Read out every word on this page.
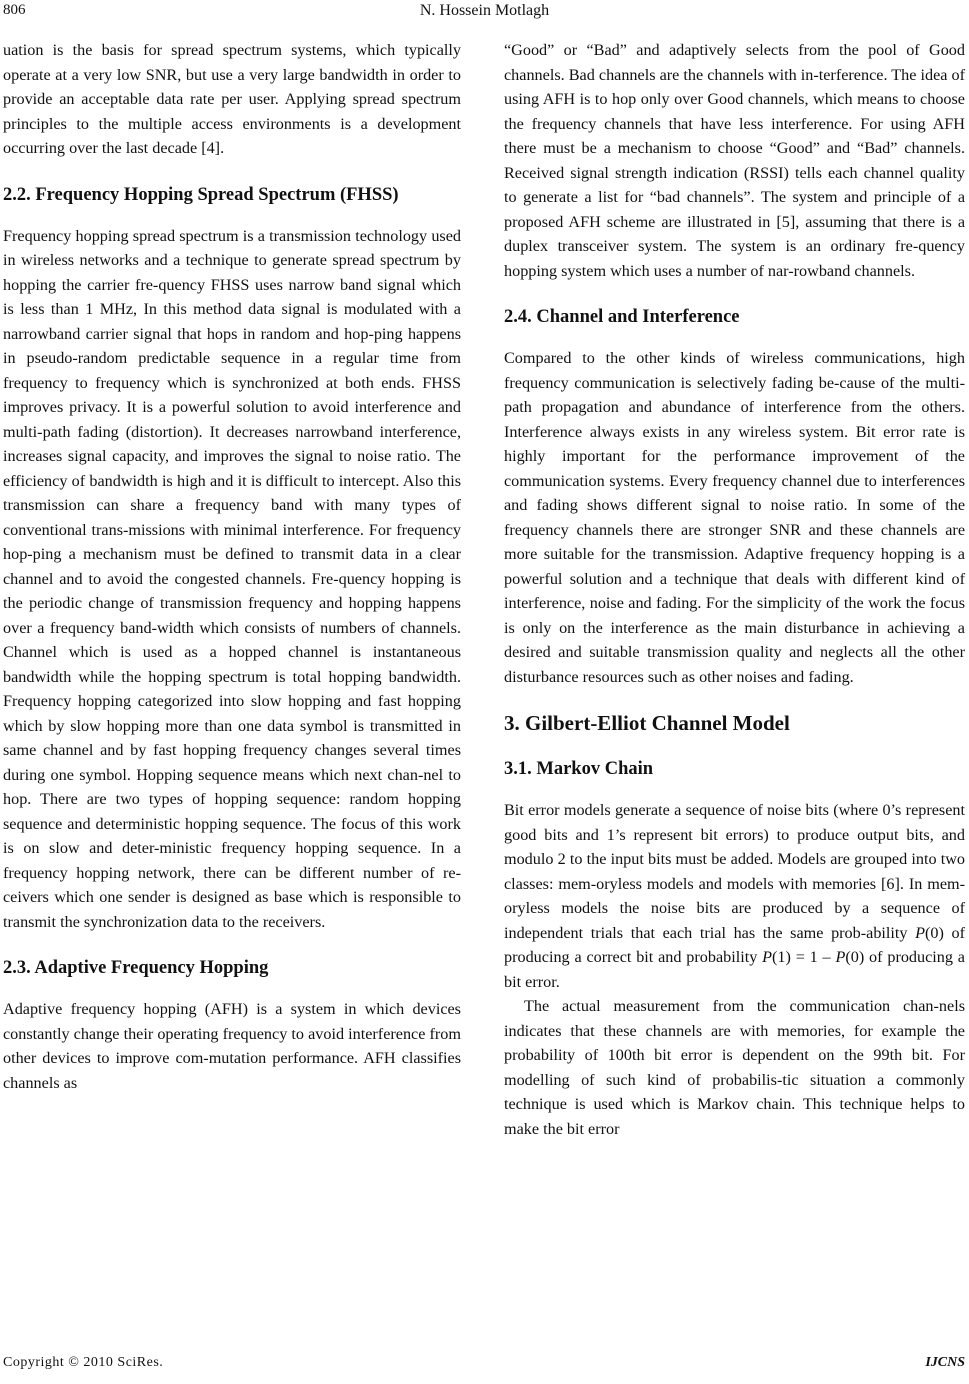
806	N. Hossein Motlagh

uation is the basis for spread spectrum systems, which typically operate at a very low SNR, but use a very large bandwidth in order to provide an acceptable data rate per user. Applying spread spectrum principles to the multiple access environments is a development occurring over the last decade [4].

2.2. Frequency Hopping Spread Spectrum (FHSS)

Frequency hopping spread spectrum is a transmission technology used in wireless networks and a technique to generate spread spectrum by hopping the carrier fre-quency FHSS uses narrow band signal which is less than 1 MHz, In this method data signal is modulated with a narrowband carrier signal that hops in random and hop-ping happens in pseudo-random predictable sequence in a regular time from frequency to frequency which is synchronized at both ends. FHSS improves privacy. It is a powerful solution to avoid interference and multi-path fading (distortion). It decreases narrowband interference, increases signal capacity, and improves the signal to noise ratio. The efficiency of bandwidth is high and it is difficult to intercept. Also this transmission can share a frequency band with many types of conventional trans-missions with minimal interference. For frequency hop-ping a mechanism must be defined to transmit data in a clear channel and to avoid the congested channels. Fre-quency hopping is the periodic change of transmission frequency and hopping happens over a frequency band-width which consists of numbers of channels. Channel which is used as a hopped channel is instantaneous bandwidth while the hopping spectrum is total hopping bandwidth. Frequency hopping categorized into slow hopping and fast hopping which by slow hopping more than one data symbol is transmitted in same channel and by fast hopping frequency changes several times during one symbol. Hopping sequence means which next chan-nel to hop. There are two types of hopping sequence: random hopping sequence and deterministic hopping sequence. The focus of this work is on slow and deter-ministic frequency hopping sequence. In a frequency hopping network, there can be different number of re-ceivers which one sender is designed as base which is responsible to transmit the synchronization data to the receivers.

2.3. Adaptive Frequency Hopping

Adaptive frequency hopping (AFH) is a system in which devices constantly change their operating frequency to avoid interference from other devices to improve com-mutation performance. AFH classifies channels as

“Good” or “Bad” and adaptively selects from the pool of Good channels. Bad channels are the channels with in-terference. The idea of using AFH is to hop only over Good channels, which means to choose the frequency channels that have less interference. For using AFH there must be a mechanism to choose “Good” and “Bad” channels. Received signal strength indication (RSSI) tells each channel quality to generate a list for “bad channels”. The system and principle of a proposed AFH scheme are illustrated in [5], assuming that there is a duplex transceiver system. The system is an ordinary fre-quency hopping system which uses a number of nar-rowband channels.

2.4. Channel and Interference

Compared to the other kinds of wireless communications, high frequency communication is selectively fading be-cause of the multi-path propagation and abundance of interference from the others. Interference always exists in any wireless system. Bit error rate is highly important for the performance improvement of the communication systems. Every frequency channel due to interferences and fading shows different signal to noise ratio. In some of the frequency channels there are stronger SNR and these channels are more suitable for the transmission. Adaptive frequency hopping is a powerful solution and a technique that deals with different kind of interference, noise and fading. For the simplicity of the work the focus is only on the interference as the main disturbance in achieving a desired and suitable transmission quality and neglects all the other disturbance resources such as other noises and fading.

3. Gilbert-Elliot Channel Model
3.1. Markov Chain

Bit error models generate a sequence of noise bits (where 0’s represent good bits and 1’s represent bit errors) to produce output bits, and modulo 2 to the input bits must be added. Models are grouped into two classes: mem-oryless models and models with memories [6]. In mem-oryless models the noise bits are produced by a sequence of independent trials that each trial has the same prob-ability P(0) of producing a correct bit and probability P(1) = 1 – P(0) of producing a bit error.

The actual measurement from the communication chan-nels indicates that these channels are with memories, for example the probability of 100th bit error is dependent on the 99th bit. For modelling of such kind of probabilis-tic situation a commonly technique is used which is Markov chain. This technique helps to make the bit error

Copyright © 2010 SciRes.	IJCNS
